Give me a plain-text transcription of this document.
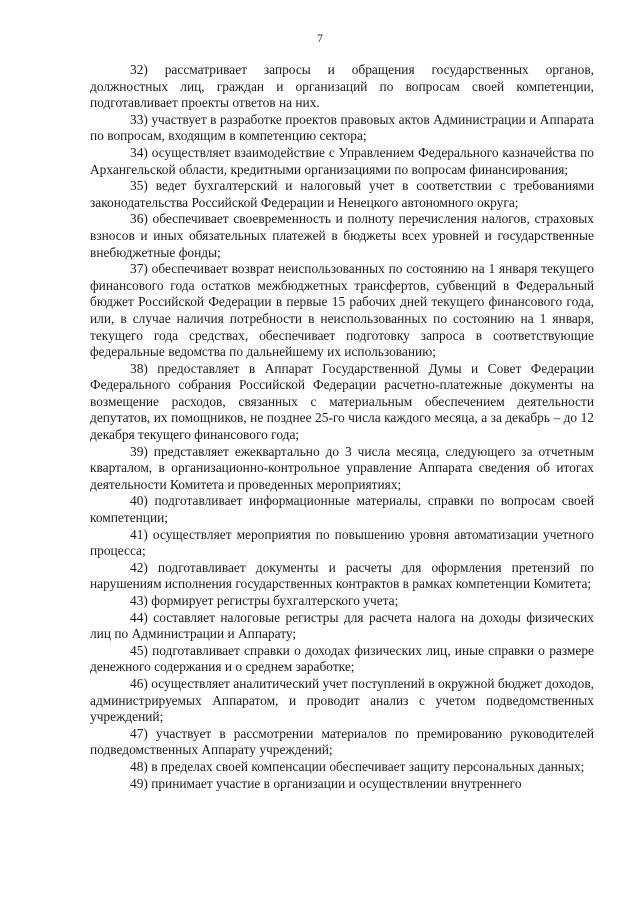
7

32) рассматривает запросы и обращения государственных органов, должностных лиц, граждан и организаций по вопросам своей компетенции, подготавливает проекты ответов на них.

33) участвует в разработке проектов правовых актов Администрации и Аппарата по вопросам, входящим в компетенцию сектора;

34) осуществляет взаимодействие с Управлением Федерального казначейства по Архангельской области, кредитными организациями по вопросам финансирования;

35) ведет бухгалтерский и налоговый учет в соответствии с требованиями законодательства Российской Федерации и Ненецкого автономного округа;

36) обеспечивает своевременность и полноту перечисления налогов, страховых взносов и иных обязательных платежей в бюджеты всех уровней и государственные внебюджетные фонды;

37) обеспечивает возврат неиспользованных по состоянию на 1 января текущего финансового года остатков межбюджетных трансфертов, субвенций в Федеральный бюджет Российской Федерации в первые 15 рабочих дней текущего финансового года, или, в случае наличия потребности в неиспользованных по состоянию на 1 января, текущего года средствах, обеспечивает подготовку запроса в соответствующие федеральные ведомства по дальнейшему их использованию;

38) предоставляет в Аппарат Государственной Думы и Совет Федерации Федерального собрания Российской Федерации расчетно-платежные документы на возмещение расходов, связанных с материальным обеспечением деятельности депутатов, их помощников, не позднее 25-го числа каждого месяца, а за декабрь – до 12 декабря текущего финансового года;

39) представляет ежеквартально до 3 числа месяца, следующего за отчетным кварталом, в организационно-контрольное управление Аппарата сведения об итогах деятельности Комитета и проведенных мероприятиях;

40) подготавливает информационные материалы, справки по вопросам своей компетенции;

41) осуществляет мероприятия по повышению уровня автоматизации учетного процесса;

42) подготавливает документы и расчеты для оформления претензий по нарушениям исполнения государственных контрактов в рамках компетенции Комитета;

43) формирует регистры бухгалтерского учета;

44) составляет налоговые регистры для расчета налога на доходы физических лиц по Администрации и Аппарату;

45) подготавливает справки о доходах физических лиц, иные справки о размере денежного содержания и о среднем заработке;

46) осуществляет аналитический учет поступлений в окружной бюджет доходов, администрируемых Аппаратом, и проводит анализ с учетом подведомственных учреждений;

47) участвует в рассмотрении материалов по премированию руководителей подведомственных Аппарату учреждений;

48) в пределах своей компенсации обеспечивает защиту персональных данных;

49) принимает участие в организации и осуществлении внутреннего
